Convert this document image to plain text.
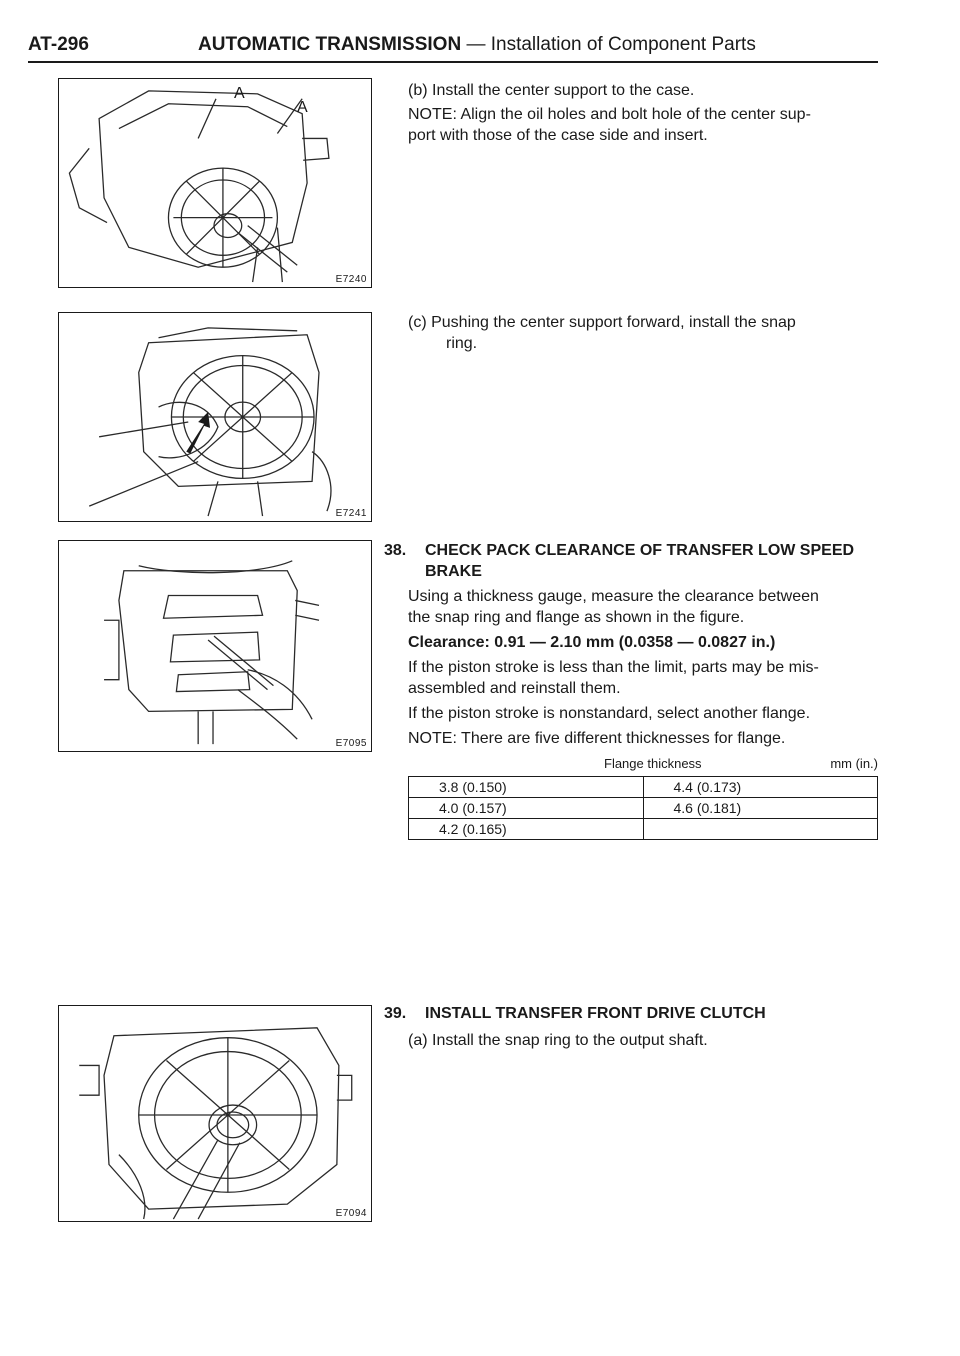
AT-296	AUTOMATIC TRANSMISSION — Installation of Component Parts
A
A
E7240
E7241
E7095
E7094
(b) Install the center support to the case.
NOTE: Align the oil holes and bolt hole of the center sup-
port with those of the case side and insert.
(c) Pushing the center support forward, install the snap
ring.
38. CHECK PACK CLEARANCE OF TRANSFER LOW SPEED
BRAKE
Using a thickness gauge, measure the clearance between
the snap ring and flange as shown in the figure.
Clearance: 0.91 — 2.10 mm (0.0358 — 0.0827 in.)
If the piston stroke is less than the limit, parts may be mis-
assembled and reinstall them.
If the piston stroke is nonstandard, select another flange.
NOTE: There are five different thicknesses for flange.
Flange thickness	mm (in.)
3.8 (0.150)	4.4 (0.173)
4.0 (0.157)	4.6 (0.181)
4.2 (0.165)	
39. INSTALL TRANSFER FRONT DRIVE CLUTCH
(a) Install the snap ring to the output shaft.
